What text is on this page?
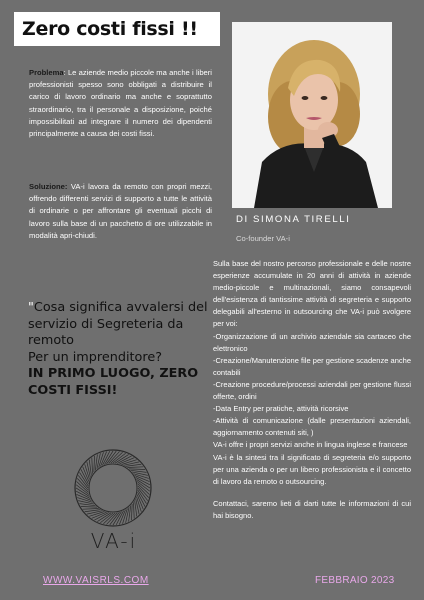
Zero costi fissi !!
Problema: Le aziende medio piccole ma anche i liberi professionisti spesso sono obbligati a distribuire il carico di lavoro ordinario ma anche e soprattutto straordinario, tra il personale a disposizione, poiché impossibilitati ad integrare il numero dei dipendenti principalmente a causa dei costi fissi.
Soluzione: VA-i lavora da remoto con propri mezzi, offrendo differenti servizi di supporto a tutte le attività di ordinarie o per affrontare gli eventuali picchi di lavoro sulla base di un pacchetto di ore utilizzabile in modalità apri-chiudi.
DI SIMONA TIRELLI
Co-founder VA-i

Sulla base del nostro percorso professionale e delle nostre esperienze accumulate in 20 anni di attività in aziende medio-piccole e multinazionali, siamo consapevoli dell'esistenza di tantissime attività di segreteria e supporto delegabili all'esterno in outsourcing che VA-i può svolgere per voi:

-Organizzazione di un archivio aziendale sia cartaceo che elettronico

-Creazione/Manutenzione file per gestione scadenze anche contabili

-Creazione procedure/processi aziendali per gestione flussi offerte, ordini

-Data Entry per pratiche, attività ricorsive

-Attività di comunicazione (dalle presentazioni aziendali, aggiornamento contenuti siti, )

VA-i offre i propri servizi anche in lingua inglese e francese

VA-i è la sintesi tra il significato di segreteria e/o supporto per una azienda o per un libero professionista e il concetto di lavoro da remoto o outsourcing.

Contattaci, saremo lieti di darti tutte le informazioni di cui hai bisogno.

"Cosa significa avvalersi del servizio di Segreteria da remoto
Per un imprenditore?
IN PRIMO LUOGO, ZERO COSTI FISSI!
VA-i
WWW.VAISRLS.COM	FEBBRAIO 2023
